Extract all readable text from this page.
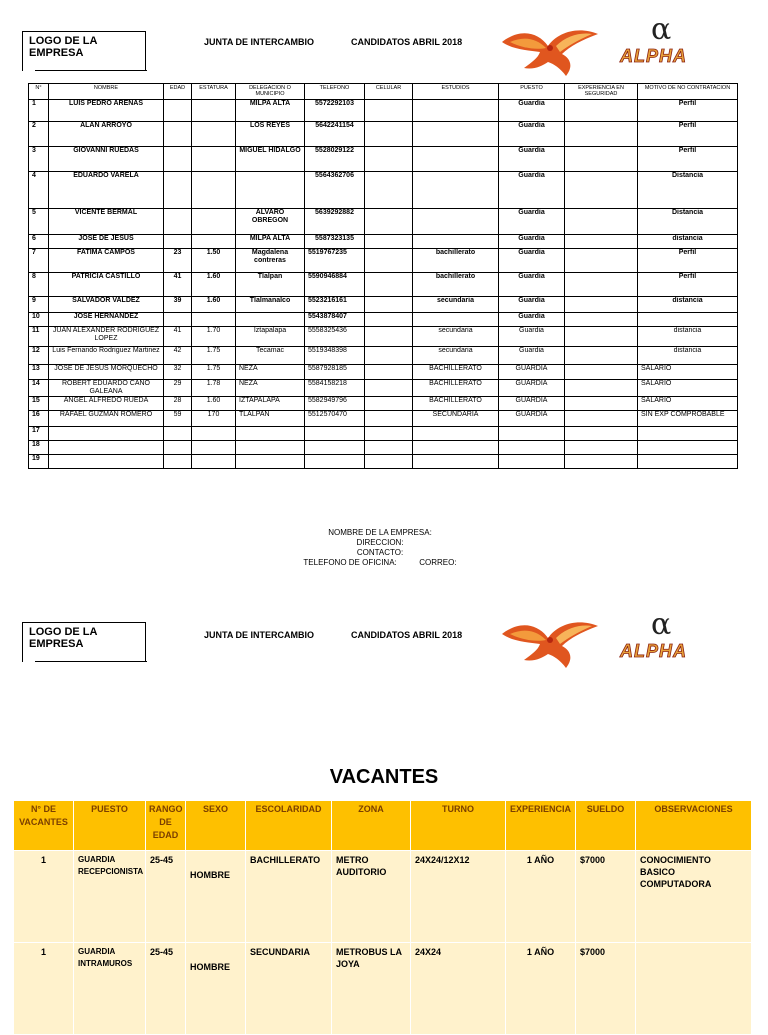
LOGO DE LA EMPRESA
JUNTA DE INTERCAMBIO	CANDIDATOS ABRIL 2018	α
ALPHA
N°	NOMBRE	EDAD	ESTATURA	DELEGACION O MUNICIPIO	TELEFONO	CELULAR	ESTUDIOS	PUESTO	EXPERIENCIA EN SEGURIDAD	MOTIVO DE NO CONTRATACION
1	LUIS PEDRO ARENAS			MILPA ALTA	5572292103			Guardia		Perfil
2	ALAN ARROYO			LOS REYES	5642241154			Guardia		Perfil
3	GIOVANNI RUEDAS			MIGUEL HIDALGO	5528029122			Guardia		Perfil
4	EDUARDO VARELA				5564362706			Guardia		Distancia
5	VICENTE BERMAL			ALVARO OBREGON	5639292882			Guardia		Distancia
6	JOSÉ DE JESUS			MILPA ALTA	5587323135			Guardia		distancia
7	FATIMA CAMPOS	23	1.50	Magdalena contreras	5519767235		bachillerato	Guardia		Perfil
8	PATRICIA CASTILLO	41	1.60	Tlalpan	5590946884		bachillerato	Guardia		Perfil
9	SALVADOR VALDEZ	39	1.60	Tlalmanalco	5523216161		secundaria	Guardia		distancia
10	JOSE HERNANDEZ				5543878407			Guardia		
11	JUAN ALEXANDER RODRIGUEZ LOPEZ	41	1.70	Iztapalapa	5558325436		secundaria	Guardia		distancia
12	Luis Fernando Rodriguez Martinez	42	1.75	Tecamac	5519348398		secundaria	Guardia		distancia
13	JOSE DE JESUS MORQUECHO	32	1.75	NEZA	5587928185		BACHILLERATO	GUARDIA		SALARIO
14	ROBERT EDUARDO CANO GALEANA	29	1.78	NEZA	5584158218		BACHILLERATO	GUARDIA		SALARIO
15	ANGEL ALFREDO RUEDA	28	1.60	IZTAPALAPA	5582949796		BACHILLERATO	GUARDIA		SALARIO
16	RAFAEL GUZMAN ROMERO	59	170	TLALPAN	5512570470		SECUNDARIA	GUARDIA		SIN EXP COMPROBABLE
17										
18										
19										
NOMBRE DE LA EMPRESA:
DIRECCION:
CONTACTO:
TELEFONO DE OFICINA:	CORREO:
LOGO DE LA EMPRESA
JUNTA DE INTERCAMBIO	CANDIDATOS ABRIL 2018	α
ALPHA
VACANTES
N° DE VACANTES	PUESTO	RANGO DE EDAD	SEXO	ESCOLARIDAD	ZONA	TURNO	EXPERIENCIA	SUELDO	OBSERVACIONES
1	GUARDIA RECEPCIONISTA	25-45	HOMBRE	BACHILLERATO	METRO AUDITORIO	24X24/12X12	1 AÑO	$7000	CONOCIMIENTO BASICO COMPUTADORA
1	GUARDIA INTRAMUROS	25-45	HOMBRE	SECUNDARIA	METROBUS LA JOYA	24X24	1 AÑO	$7000	
